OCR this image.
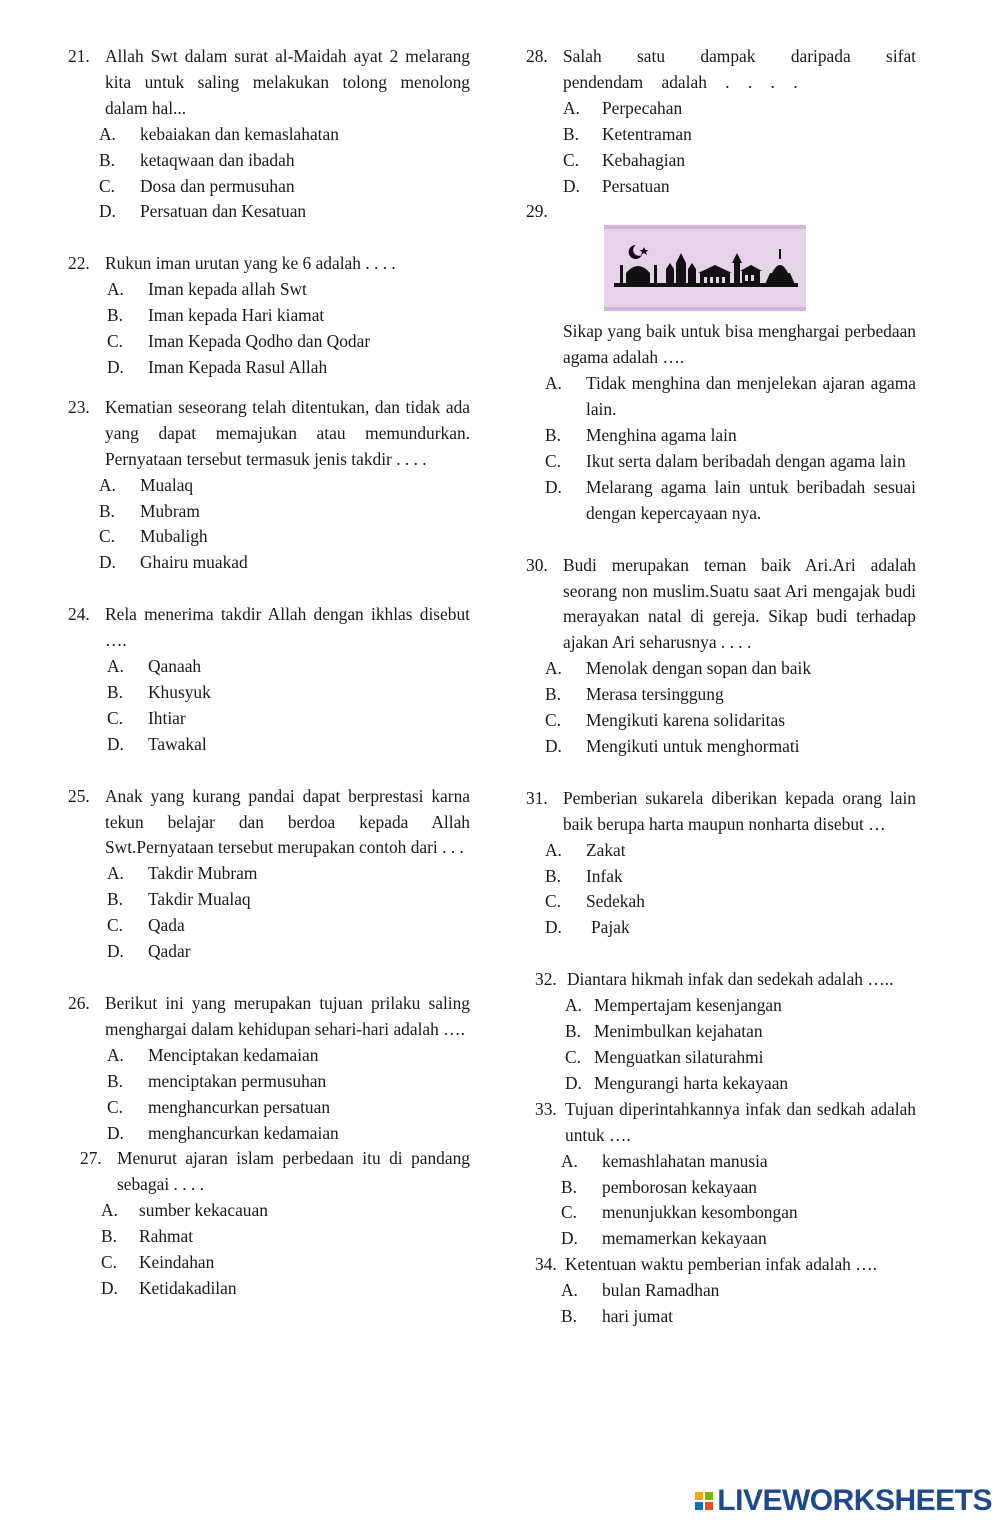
21. Allah Swt dalam surat al-Maidah ayat 2 melarang kita untuk saling melakukan tolong menolong dalam hal...
A.	kebaiakan dan kemaslahatan
B.	ketaqwaan dan ibadah
C.	Dosa dan permusuhan
D.	Persatuan dan Kesatuan
22. Rukun iman urutan yang ke 6 adalah . . . .
A.	Iman kepada allah Swt
B.	Iman kepada Hari kiamat
C.	Iman Kepada Qodho dan Qodar
D.	Iman Kepada Rasul Allah
23. Kematian seseorang telah ditentukan, dan tidak ada yang dapat memajukan atau memundurkan. Pernyataan tersebut termasuk jenis takdir . . . .
A.	Mualaq
B.	Mubram
C.	Mubaligh
D.	Ghairu muakad
24. Rela menerima takdir Allah dengan ikhlas disebut ….
A.	Qanaah
B.	Khusyuk
C.	Ihtiar
D.	Tawakal
25. Anak yang kurang pandai dapat berprestasi karna tekun belajar dan berdoa kepada Allah Swt.Pernyataan tersebut merupakan contoh dari . . .
A.	Takdir Mubram
B.	Takdir Mualaq
C.	Qada
D.	Qadar
26. Berikut ini yang merupakan tujuan prilaku saling menghargai dalam kehidupan sehari-hari adalah ….
A.	Menciptakan kedamaian
B.	menciptakan permusuhan
C.	menghancurkan persatuan
D.	menghancurkan kedamaian
27. Menurut ajaran islam perbedaan itu di pandang sebagai . . . .
A.	sumber kekacauan
B.	Rahmat
C.	Keindahan
D.	Ketidakadilan
28. Salah satu dampak daripada sifat pendendam adalah . . . .
A.	Perpecahan
B.	Ketentraman
C.	Kebahagian
D.	Persatuan
29.
Sikap yang baik untuk bisa menghargai perbedaan agama adalah ….
A.	Tidak menghina dan menjelekan ajaran agama lain.
B.	Menghina agama lain
C.	Ikut serta dalam beribadah dengan agama lain
D.	Melarang agama lain untuk beribadah sesuai dengan kepercayaan nya.
30. Budi merupakan teman baik Ari.Ari adalah seorang non muslim.Suatu saat Ari mengajak budi merayakan natal di gereja. Sikap budi terhadap ajakan Ari seharusnya . . . .
A.	Menolak dengan sopan dan baik
B.	Merasa tersinggung
C.	Mengikuti karena solidaritas
D.	Mengikuti untuk menghormati
31. Pemberian sukarela diberikan kepada orang lain baik berupa harta maupun nonharta disebut …
A.	Zakat
B.	Infak
C.	Sedekah
D.	Pajak
32. Diantara hikmah infak dan sedekah adalah …..
A. Mempertajam kesenjangan
B. Menimbulkan kejahatan
C. Menguatkan silaturahmi
D. Mengurangi harta kekayaan
33. Tujuan diperintahkannya infak dan sedkah adalah untuk ….
A.	kemashlahatan manusia
B.	pemborosan kekayaan
C.	menunjukkan kesombongan
D.	memamerkan kekayaan
34. Ketentuan waktu pemberian infak adalah ….
A.	bulan Ramadhan
B.	hari jumat
LIVEWORKSHEETS
